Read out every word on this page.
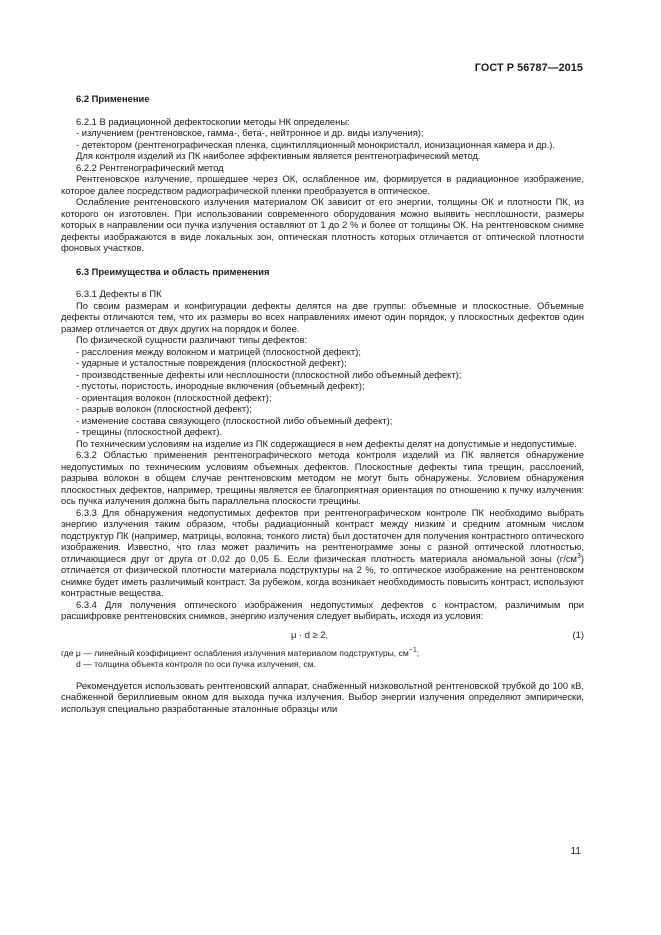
ГОСТ Р 56787—2015
6.2 Применение

6.2.1 В радиационной дефектоскопии методы НК определены:

- излучением (рентгеновское, гамма-, бета-, нейтронное и др. виды излучения);

- детектором (рентгенографическая пленка, сцинтилляционный монокристалл, ионизационная камера и др.).

Для контроля изделий из ПК наиболее эффективным является рентгенографический метод.

6.2.2 Рентгенографический метод

Рентгеновское излучение, прошедшее через ОК, ослабленное им, формируется в радиационное изображение, которое далее посредством радиографической пленки преобразуется в оптическое.

Ослабление рентгеновского излучения материалом ОК зависит от его энергии, толщины ОК и плотности ПК, из которого он изготовлен. При использовании современного оборудования можно выявить несплошности, размеры которых в направлении оси пучка излучения оставляют от 1 до 2 % и более от толщины ОК. На рентгеновском снимке дефекты изображаются в виде локальных зон, оптическая плотность которых отличается от оптической плотности фоновых участков.

6.3 Преимущества и область применения

6.3.1 Дефекты в ПК

По своим размерам и конфигурации дефекты делятся на две группы: объемные и плоскостные. Объемные дефекты отличаются тем, что их размеры во всех направлениях имеют один порядок, у плоскостных дефектов один размер отличается от двух других на порядок и более.

По физической сущности различают типы дефектов:

- расслоения между волокном и матрицей (плоскостной дефект);

- ударные и усталостные повреждения (плоскостной дефект);

- производственные дефекты или несплошности (плоскостной либо объемный дефект);

- пустоты, пористость, инородные включения (объемный дефект);

- ориентация волокон (плоскостной дефект);

- разрыв волокон (плоскостной дефект);

- изменение состава связующего (плоскостной либо объемный дефект);

- трещины (плоскостной дефект).

По техническим условиям на изделие из ПК содержащиеся в нем дефекты делят на допустимые и недопустимые.

6.3.2 Областью применения рентгенографического метода контроля изделий из ПК является обнаружение недопустимых по техническим условиям объемных дефектов. Плоскостные дефекты типа трещин, расслоений, разрыва волокон в общем случае рентгеновским методом не могут быть обнаружены. Условием обнаружения плоскостных дефектов, например, трещины является ее благоприятная ориентация по отношению к пучку излучения: ось пучка излучения должна быть параллельна плоскости трещины.

6.3.3 Для обнаружения недопустимых дефектов при рентгенографическом контроле ПК необходимо выбрать энергию излучения таким образом, чтобы радиационный контраст между низким и средним атомным числом подструктур ПК (например, матрицы, волокна, тонкого листа) был достаточен для получения контрастного оптического изображения. Известно, что глаз может различить на рентгенограмме зоны с разной оптической плотностью, отличающиеся друг от друга от 0,02 до 0,05 Б. Если физическая плотность материала аномальной зоны $(г/см^3)$ отличается от физической плотности материала подструктуры на 2 %, то оптическое изображение на рентгеновском снимке будет иметь различимый контраст. За рубежом, когда возникает необходимость повысить контраст, используют контрастные вещества.

6.3.4 Для получения оптического изображения недопустимых дефектов с контрастом, различимым при расшифровке рентгеновских снимков, энергию излучения следует выбирать, исходя из условия:

μ · d ≥ 2,	(1)
где μ — линейный коэффициент ослабления излучения материалом подструктуры, $см^{-1}$;
d — толщина объекта контроля по оси пучка излучения, см.

Рекомендуется использовать рентгеновский аппарат, снабженный низковольтной рентгеновской трубкой до 100 кВ, снабженной бериллиевым окном для выхода пучка излучения. Выбор энергии излучения определяют эмпирически, используя специально разработанные эталонные образцы или

11
